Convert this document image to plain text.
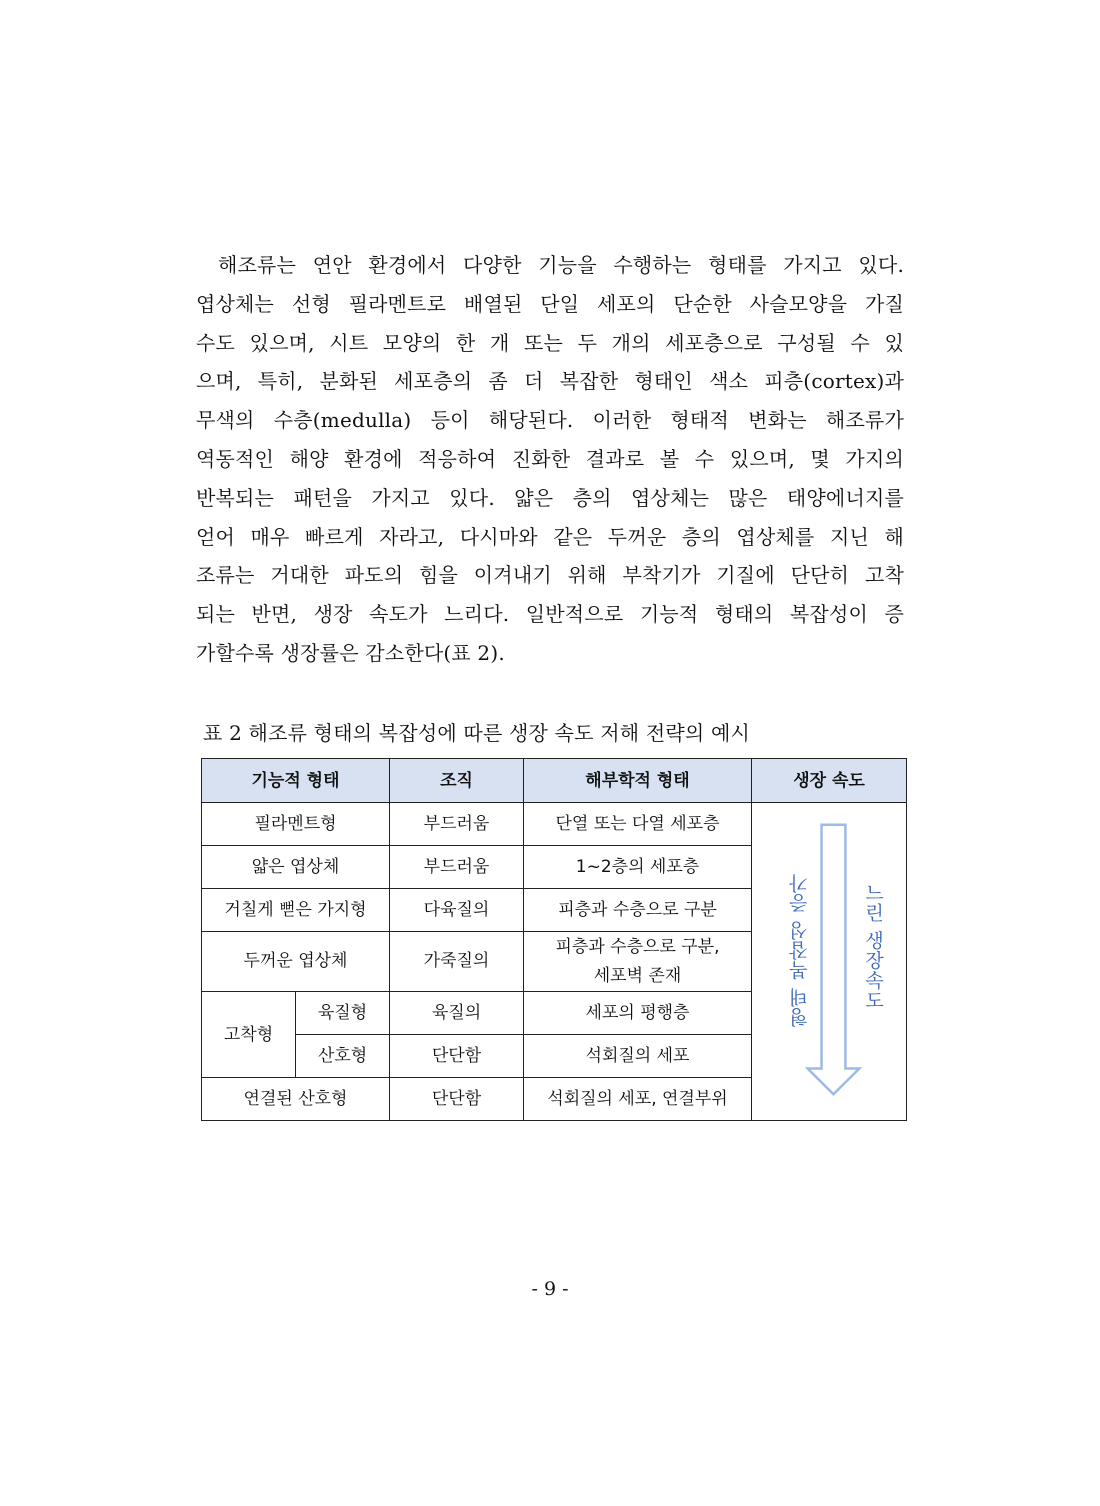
해조류는 연안 환경에서 다양한 기능을 수행하는 형태를 가지고 있다.
엽상체는 선형 필라멘트로 배열된 단일 세포의 단순한 사슬모양을 가질
수도 있으며, 시트 모양의 한 개 또는 두 개의 세포층으로 구성될 수 있
으며, 특히, 분화된 세포층의 좀 더 복잡한 형태인 색소 피층(cortex)과
무색의 수층(medulla) 등이 해당된다. 이러한 형태적 변화는 해조류가
역동적인 해양 환경에 적응하여 진화한 결과로 볼 수 있으며, 몇 가지의
반복되는 패턴을 가지고 있다. 얇은 층의 엽상체는 많은 태양에너지를
얻어 매우 빠르게 자라고, 다시마와 같은 두꺼운 층의 엽상체를 지닌 해
조류는 거대한 파도의 힘을 이겨내기 위해 부착기가 기질에 단단히 고착
되는 반면, 생장 속도가 느리다. 일반적으로 기능적 형태의 복잡성이 증
가할수록 생장률은 감소한다(표 2).

표 2 해조류 형태의 복잡성에 따른 생장 속도 저해 전략의 예시

기능적 형태		조직	해부학적 형태	생장 속도
필라멘트형		부드러움	단열 또는 다열 세포층	형태 복잡성 증가 느린 생장속도

얇은 엽상체		부드러움	1~2층의 세포층	
거칠게 뻗은 가지형		다육질의	피층과 수층으로 구분	
두꺼운 엽상체		가죽질의	피층과 수층으로 구분,
세포벽 존재	
고착형	육질형	육질의	세포의 평행층	
	산호형	단단함	석회질의 세포	
연결된 산호형		단단함	석회질의 세포, 연결부위	

- 9 -
